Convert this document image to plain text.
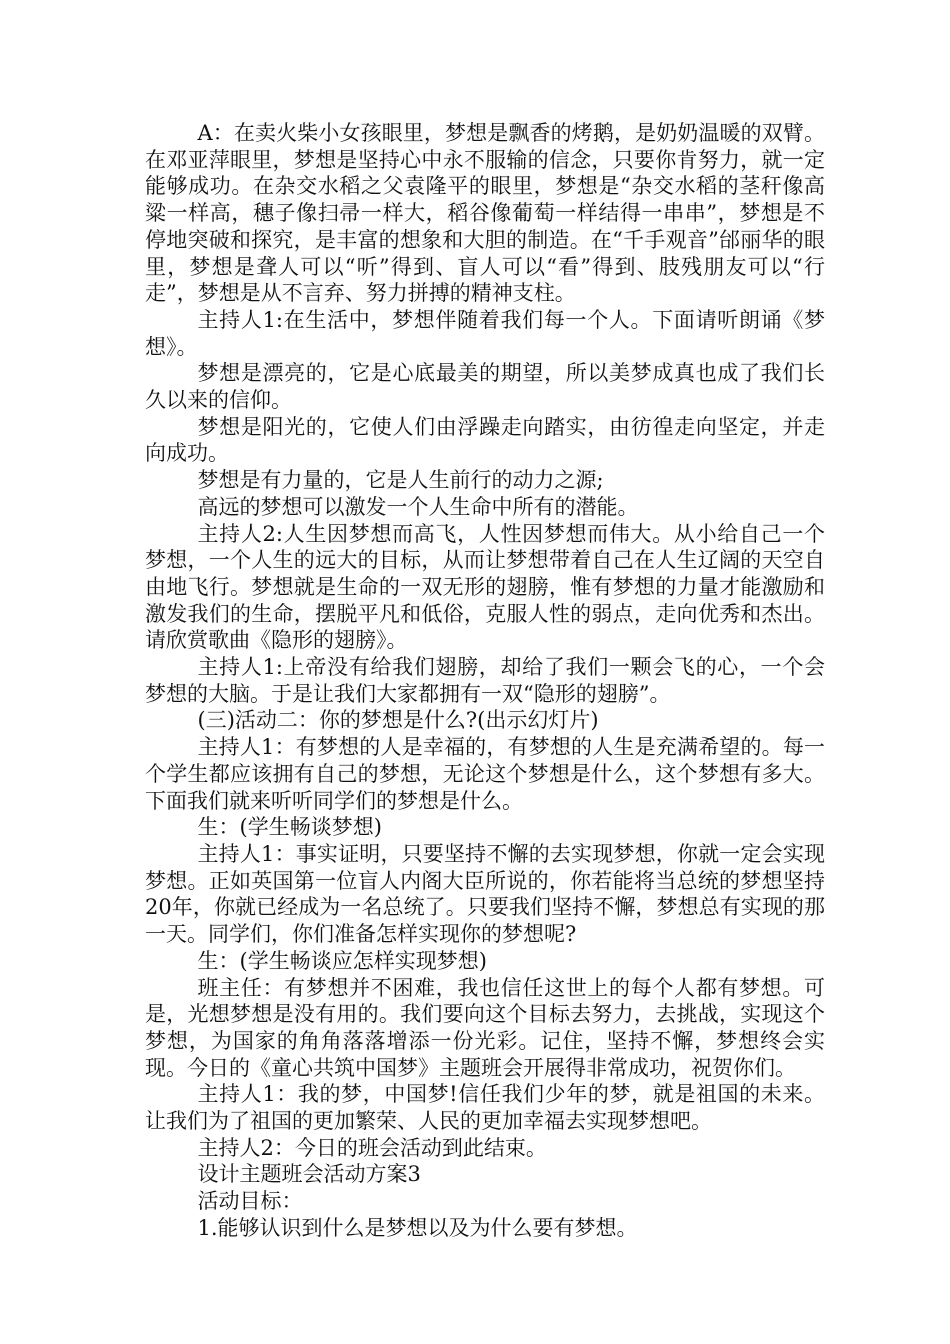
A：在卖火柴小女孩眼里，梦想是飘香的烤鹅，是奶奶温暖的双臂。在邓亚萍眼里，梦想是坚持心中永不服输的信念，只要你肯努力，就一定能够成功。在杂交水稻之父袁隆平的眼里，梦想是“杂交水稻的茎秆像高粱一样高，穗子像扫帚一样大，稻谷像葡萄一样结得一串串”，梦想是不停地突破和探究，是丰富的想象和大胆的制造。在“千手观音”邰丽华的眼里，梦想是聋人可以“听”得到、盲人可以“看”得到、肢残朋友可以“行走”，梦想是从不言弃、努力拼搏的精神支柱。

主持人1:在生活中，梦想伴随着我们每一个人。下面请听朗诵《梦想》。

梦想是漂亮的，它是心底最美的期望，所以美梦成真也成了我们长久以来的信仰。

梦想是阳光的，它使人们由浮躁走向踏实，由彷徨走向坚定，并走向成功。

梦想是有力量的，它是人生前行的动力之源;

高远的梦想可以激发一个人生命中所有的潜能。

主持人2:人生因梦想而高飞，人性因梦想而伟大。从小给自己一个梦想，一个人生的远大的目标，从而让梦想带着自己在人生辽阔的天空自由地飞行。梦想就是生命的一双无形的翅膀，惟有梦想的力量才能激励和激发我们的生命，摆脱平凡和低俗，克服人性的弱点，走向优秀和杰出。请欣赏歌曲《隐形的翅膀》。

主持人1:上帝没有给我们翅膀，却给了我们一颗会飞的心，一个会梦想的大脑。于是让我们大家都拥有一双“隐形的翅膀”。

(三)活动二：你的梦想是什么?(出示幻灯片)

主持人1：有梦想的人是幸福的，有梦想的人生是充满希望的。每一个学生都应该拥有自己的梦想，无论这个梦想是什么，这个梦想有多大。下面我们就来听听同学们的梦想是什么。

生：(学生畅谈梦想)

主持人1：事实证明，只要坚持不懈的去实现梦想，你就一定会实现梦想。正如英国第一位盲人内阁大臣所说的，你若能将当总统的梦想坚持20年，你就已经成为一名总统了。只要我们坚持不懈，梦想总有实现的那一天。同学们，你们准备怎样实现你的梦想呢?

生：(学生畅谈应怎样实现梦想)

班主任：有梦想并不困难，我也信任这世上的每个人都有梦想。可是，光想梦想是没有用的。我们要向这个目标去努力，去挑战，实现这个梦想，为国家的角角落落增添一份光彩。记住，坚持不懈，梦想终会实现。今日的《童心共筑中国梦》主题班会开展得非常成功，祝贺你们。

主持人1：我的梦，中国梦!信任我们少年的梦，就是祖国的未来。让我们为了祖国的更加繁荣、人民的更加幸福去实现梦想吧。

主持人2：今日的班会活动到此结束。

设计主题班会活动方案3

活动目标：

1.能够认识到什么是梦想以及为什么要有梦想。
